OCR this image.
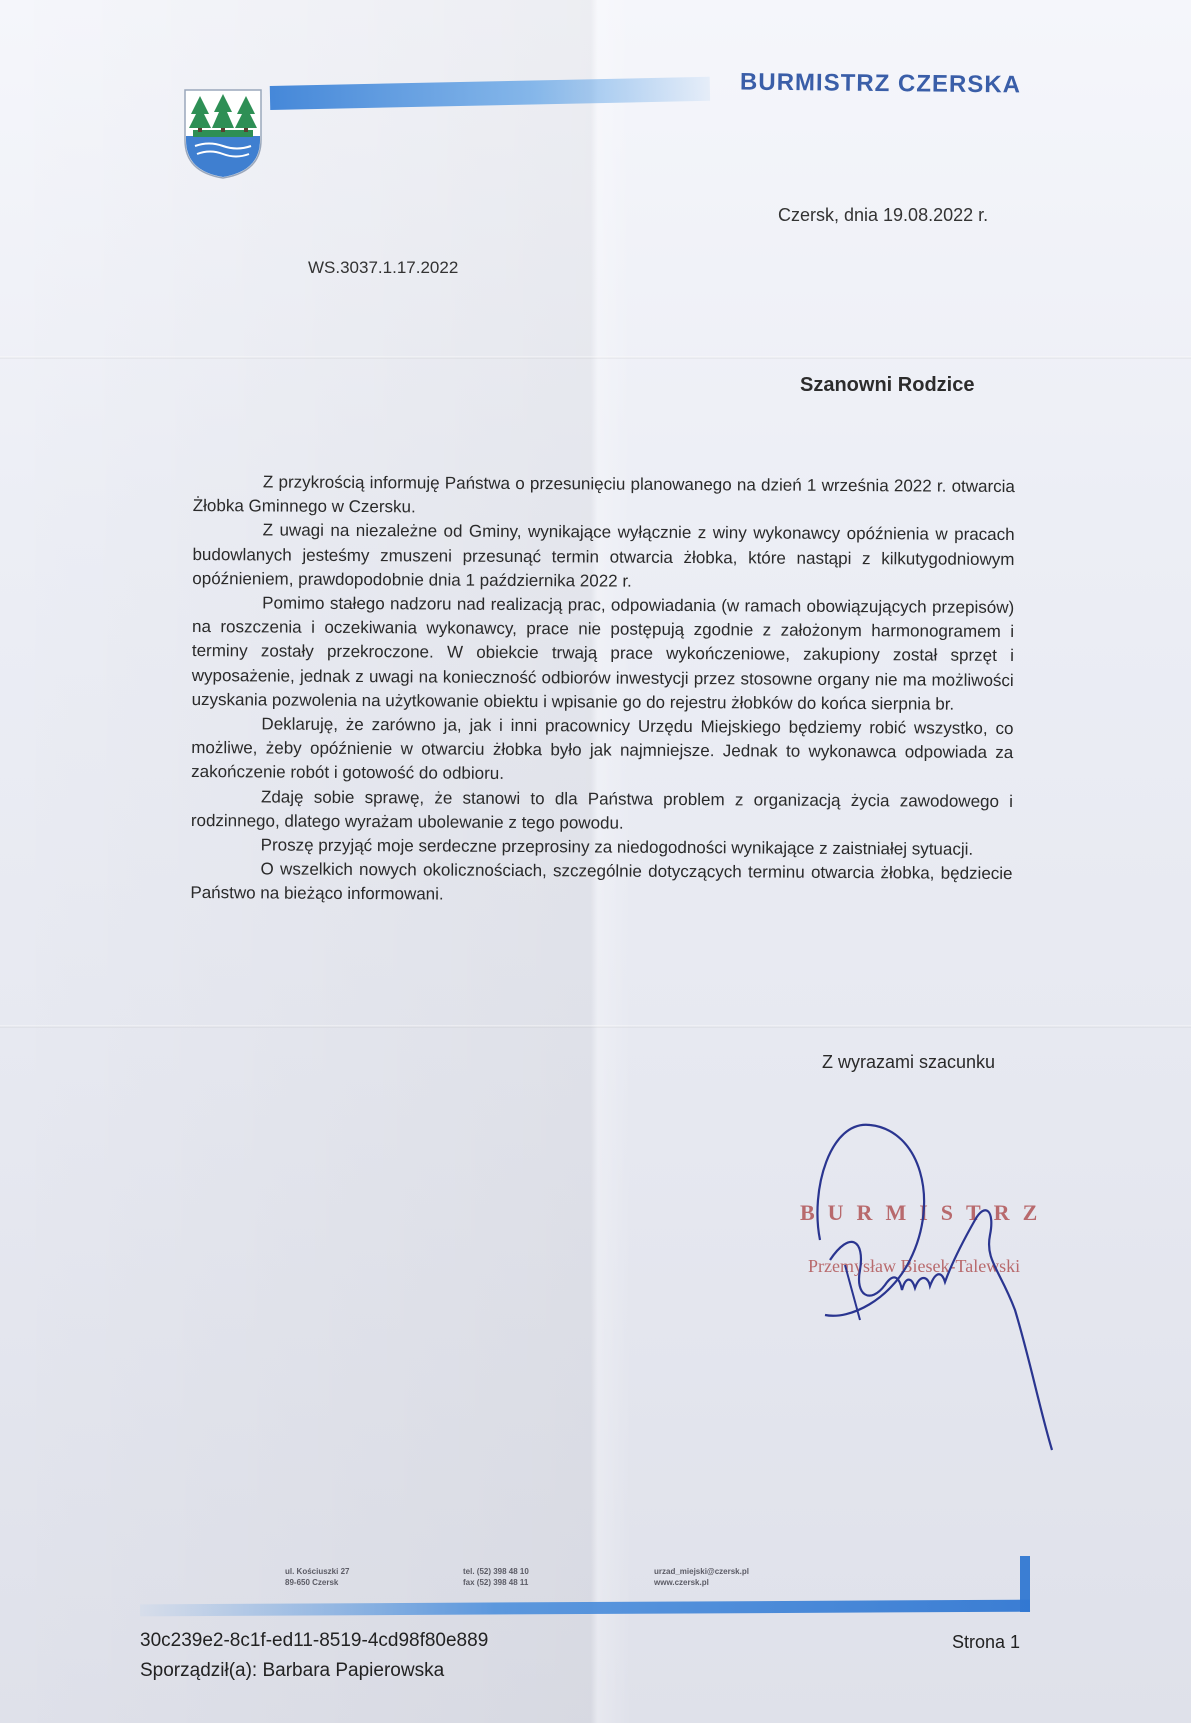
BURMISTRZ CZERSKA
Czersk, dnia 19.08.2022 r.
WS.3037.1.17.2022
Szanowni Rodzice

Z przykrością informuję Państwa o przesunięciu planowanego na dzień 1 września 2022 r. otwarcia Żłobka Gminnego w Czersku.

Z uwagi na niezależne od Gminy, wynikające wyłącznie z winy wykonawcy opóźnienia w pracach budowlanych jesteśmy zmuszeni przesunąć termin otwarcia żłobka, które nastąpi z kilkutygodniowym opóźnieniem, prawdopodobnie dnia 1 października 2022 r.

Pomimo stałego nadzoru nad realizacją prac, odpowiadania (w ramach obowiązujących przepisów) na roszczenia i oczekiwania wykonawcy, prace nie postępują zgodnie z założonym harmonogramem i terminy zostały przekroczone. W obiekcie trwają prace wykończeniowe, zakupiony został sprzęt i wyposażenie, jednak z uwagi na konieczność odbiorów inwestycji przez stosowne organy nie ma możliwości uzyskania pozwolenia na użytkowanie obiektu i wpisanie go do rejestru żłobków do końca sierpnia br.

Deklaruję, że zarówno ja, jak i inni pracownicy Urzędu Miejskiego będziemy robić wszystko, co możliwe, żeby opóźnienie w otwarciu żłobka było jak najmniejsze. Jednak to wykonawca odpowiada za zakończenie robót i gotowość do odbioru.

Zdaję sobie sprawę, że stanowi to dla Państwa problem z organizacją życia zawodowego i rodzinnego, dlatego wyrażam ubolewanie z tego powodu.

Proszę przyjąć moje serdeczne przeprosiny za niedogodności wynikające z zaistniałej sytuacji.

O wszelkich nowych okolicznościach, szczególnie dotyczących terminu otwarcia żłobka, będziecie Państwo na bieżąco informowani.

Z wyrazami szacunku
BURMISTRZ
Przemysław Biesek-Talewski
ul. Kościuszki 27
89-650 Czersk
tel. (52) 398 48 10
fax (52) 398 48 11
urzad_miejski@czersk.pl
www.czersk.pl
30c239e2-8c1f-ed11-8519-4cd98f80e889	Strona 1
Sporządził(a): Barbara Papierowska
